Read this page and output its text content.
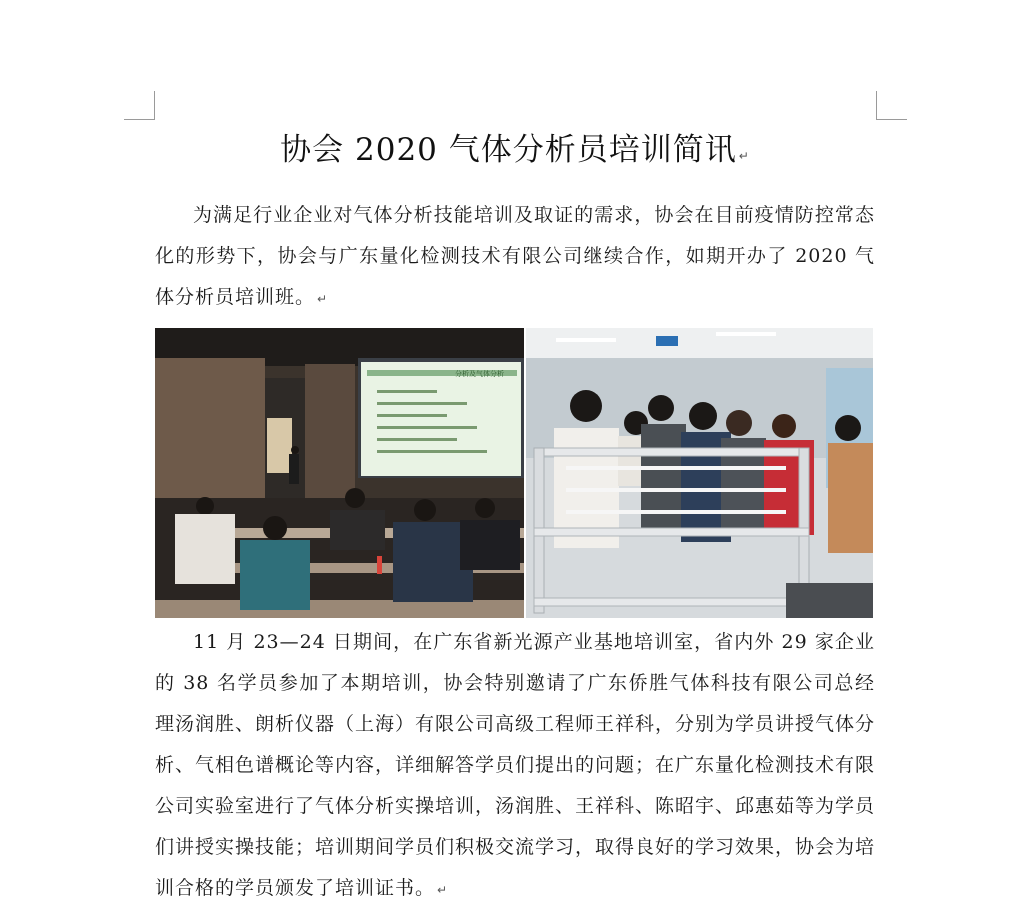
协会 2020 气体分析员培训简讯 ↵

为满足行业企业对气体分析技能培训及取证的需求，协会在目前疫情防控常态化的形势下，协会与广东量化检测技术有限公司继续合作，如期开办了 2020 气体分析员培训班。 ↵

分析及气体分析

11 月 23—24 日期间，在广东省新光源产业基地培训室，省内外 29 家企业的 38 名学员参加了本期培训，协会特别邀请了广东侨胜气体科技有限公司总经理汤润胜、朗析仪器（上海）有限公司高级工程师王祥科，分别为学员讲授气体分析、气相色谱概论等内容，详细解答学员们提出的问题；在广东量化检测技术有限公司实验室进行了气体分析实操培训，汤润胜、王祥科、陈昭宇、邱惠茹等为学员们讲授实操技能；培训期间学员们积极交流学习，取得良好的学习效果，协会为培训合格的学员颁发了培训证书。 ↵
